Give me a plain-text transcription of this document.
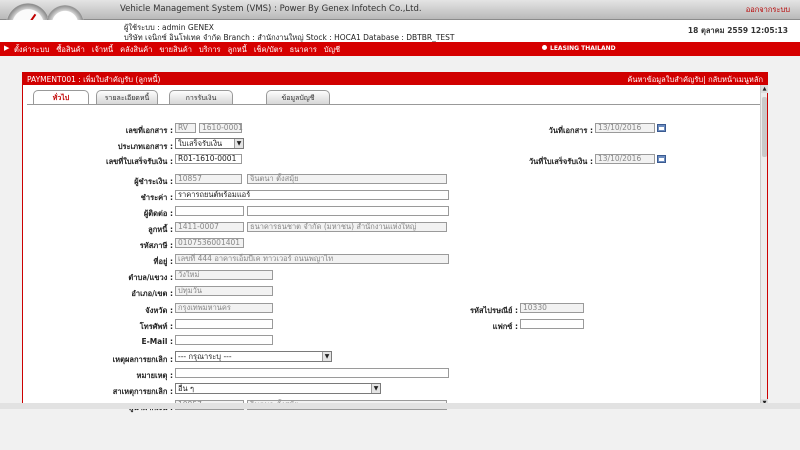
Vehicle Management System (VMS) : Power By Genex Infotech Co.,Ltd.	ออกจากระบบ
ผู้ใช้ระบบ : admin GENEX
บริษัท เจนิกซ์ อินโฟเทค จำกัด Branch : สำนักงานใหญ่ Stock : HOCA1 Database : DBTBR_TEST
18 ตุลาคม 2559 12:05:13
▶ ตั้งค่าระบบ ซื้อสินค้า เจ้าหนี้ คลังสินค้า ขายสินค้า บริการ ลูกหนี้ เช็ค/บัตร ธนาคาร บัญชี	LEASING THAILAND
PAYMENT001 : เพิ่มใบสำคัญรับ (ลูกหนี้)	ค้นหาข้อมูลใบสำคัญรับ| กลับหน้าเมนูหลัก
ทั่วไป	รายละเอียดหนี้	การรับเงิน	ข้อมูลบัญชี
เลขที่เอกสาร : RV	1610-0001	วันที่เอกสาร : 13/10/2016
ประเภทเอกสาร : ใบเสร็จรับเงิน	▼
เลขที่ใบเสร็จรับเงิน : R01-1610-0001	วันที่ใบเสร็จรับเงิน : 13/10/2016
ผู้ชำระเงิน : 10857	จินตนา ตั้งสมุ้ย
ชำระค่า : ราคารถยนต์พร้อมแอร์
ผู้ติดต่อ :
ลูกหนี้ : 1411-0007	ธนาคารธนชาต จำกัด (มหาชน) สำนักงานแห่งใหญ่
รหัสภาษี : 0107536001401
ที่อยู่ : เลขที่ 444 อาคารเอ็มบีเค ทาวเวอร์ ถนนพญาไท
ตำบล/แขวง : วังใหม่
อำเภอ/เขต : ปทุมวัน
จังหวัด : กรุงเทพมหานคร	รหัสไปรษณีย์ : 10330
โทรศัพท์ :	แฟกซ์ :
E-Mail :
เหตุผลการยกเลิก : --- กรุณาระบุ ---	▼
หมายเหตุ :
สาเหตุการยกเลิก : อื่น ๆ	▼
▲
